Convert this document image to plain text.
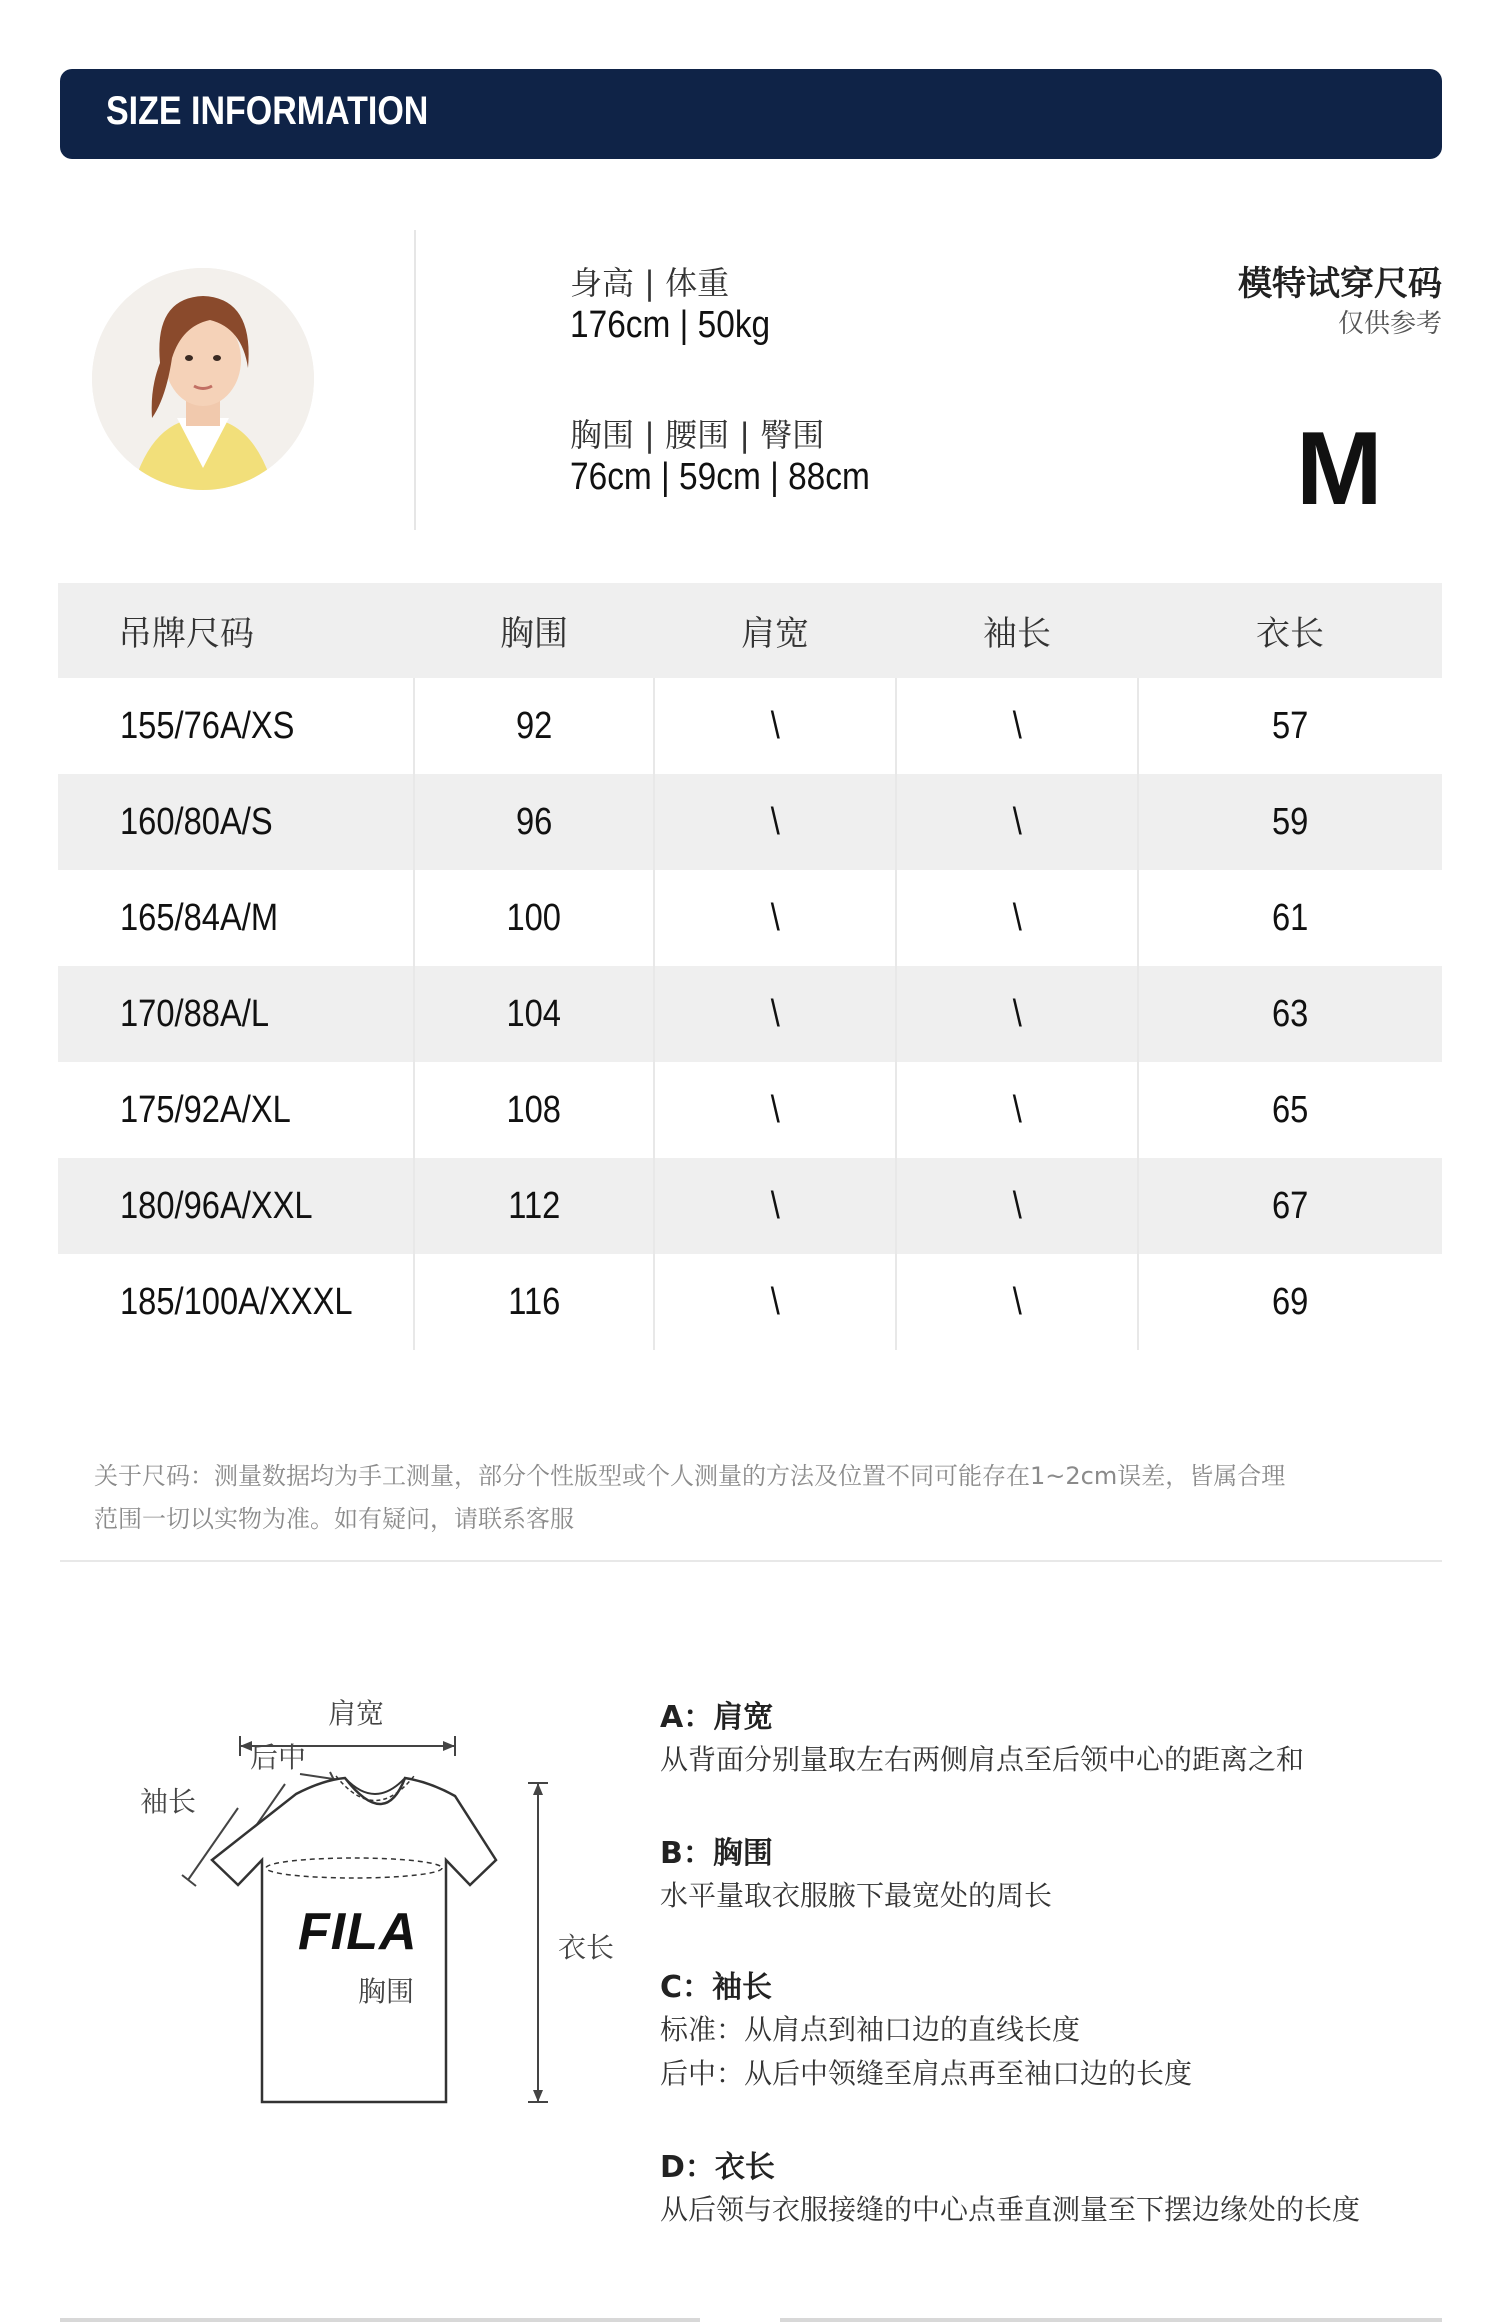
SIZE INFORMATION
身高 | 体重
176cm | 50kg
胸围 | 腰围 | 臀围
76cm | 59cm | 88cm
模特试穿尺码
仅供参考
M
吊牌尺码	胸围	肩宽	袖长	衣长
155/76A/XS	92	\	\	57
160/80A/S	96	\	\	59
165/84A/M	100	\	\	61
170/88A/L	104	\	\	63
175/92A/XL	108	\	\	65
180/96A/XXL	112	\	\	67
185/100A/XXXL	116	\	\	69
关于尺码：测量数据均为手工测量，部分个性版型或个人测量的方法及位置不同可能存在1~2cm误差，皆属合理
范围一切以实物为准。如有疑问，请联系客服
肩宽
后中
袖长
FILA
胸围
衣长
A：肩宽
从背面分别量取左右两侧肩点至后领中心的距离之和
B：胸围
水平量取衣服腋下最宽处的周长
C：袖长
标准：从肩点到袖口边的直线长度
后中：从后中领缝至肩点再至袖口边的长度
D：衣长
从后领与衣服接缝的中心点垂直测量至下摆边缘处的长度
